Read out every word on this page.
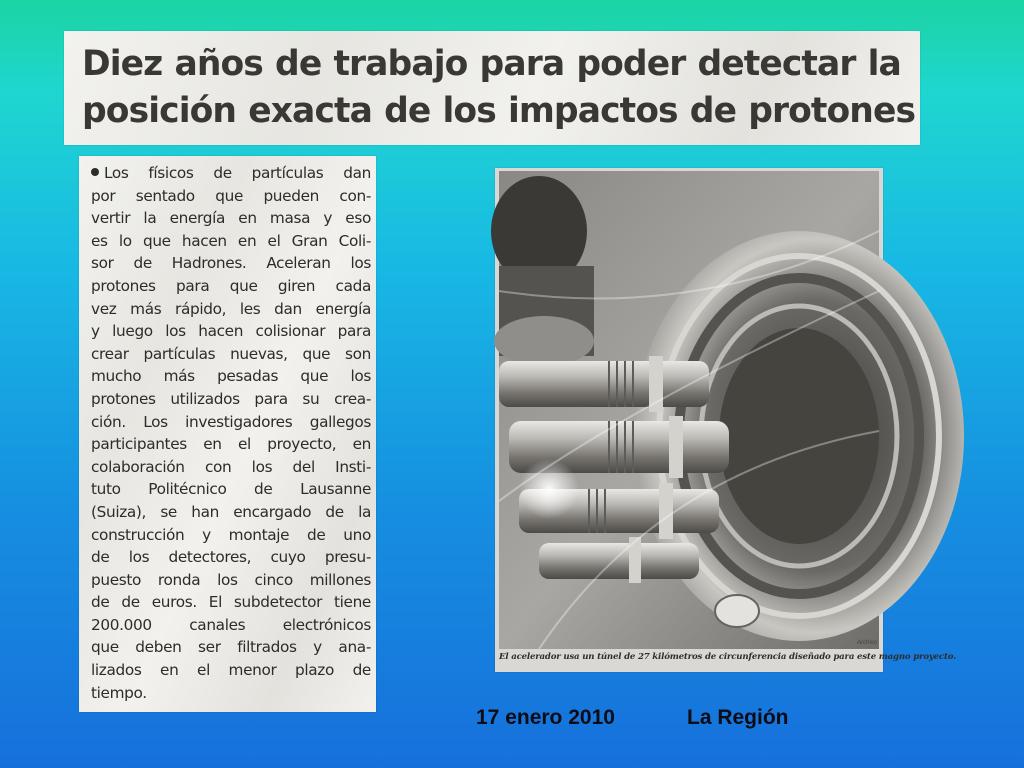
Diez años de trabajo para poder detectar la
posición exacta de los impactos de protones
Los físicos de partículas dan
por sentado que pueden con-
vertir la energía en masa y eso
es lo que hacen en el Gran Coli-
sor de Hadrones. Aceleran los
protones para que giren cada
vez más rápido, les dan energía
y luego los hacen colisionar para
crear partículas nuevas, que son
mucho más pesadas que los
protones utilizados para su crea-
ción. Los investigadores gallegos
participantes en el proyecto, en
colaboración con los del Insti-
tuto Politécnico de Lausanne
(Suiza), se han encargado de la
construcción y montaje de uno
de los detectores, cuyo presu-
puesto ronda los cinco millones
de de euros. El subdetector tiene
200.000 canales electrónicos
que deben ser filtrados y ana-
lizados en el menor plazo de
tiempo.
Archivo
El acelerador usa un túnel de 27 kilómetros de circunferencia diseñado para este magno proyecto.
17 enero 2010	La Región
